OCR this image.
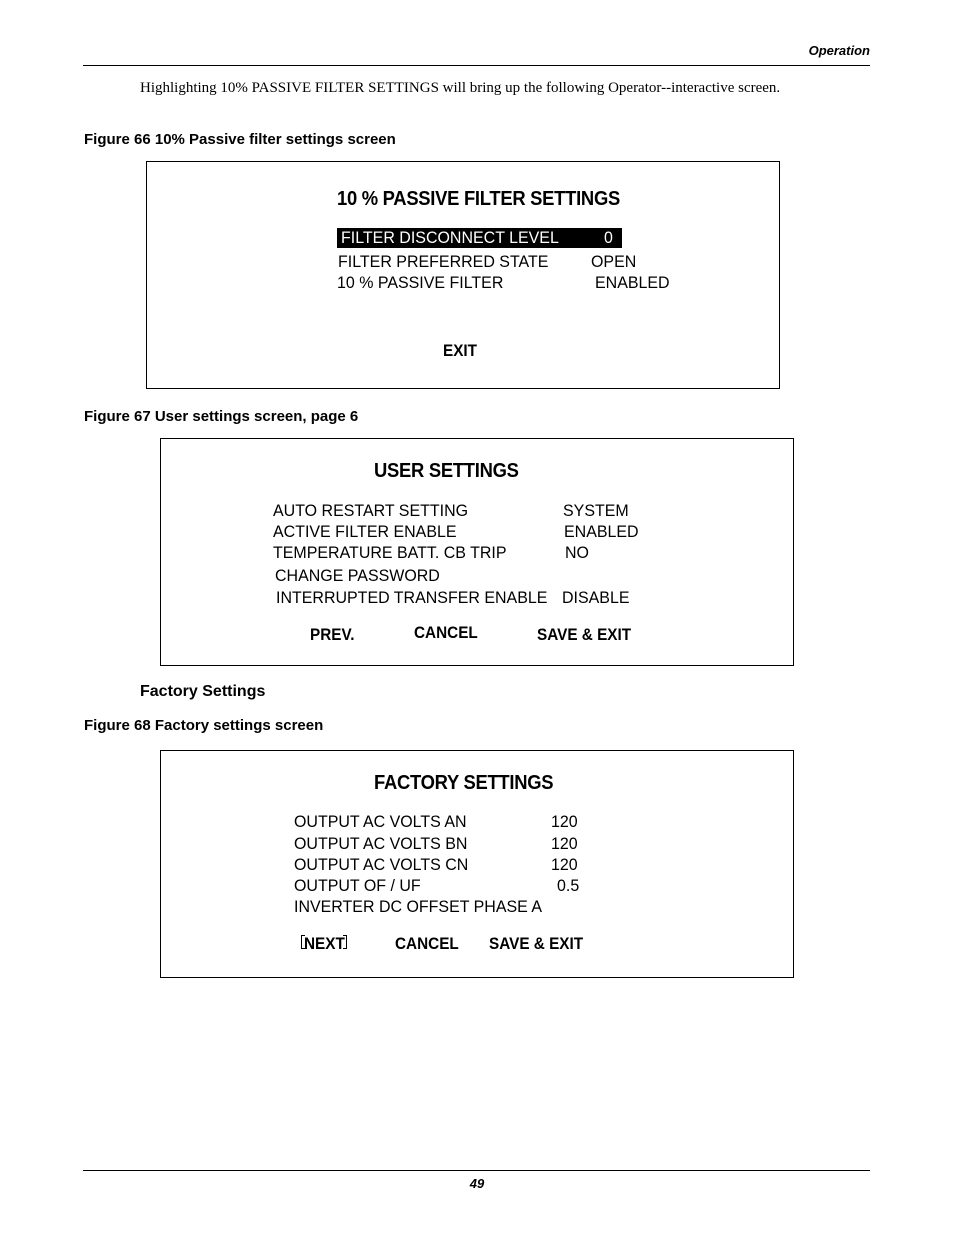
Operation
Highlighting 10% PASSIVE FILTER SETTINGS will bring up the following Operator--interactive screen.
Figure 66 10% Passive filter settings screen
10 % PASSIVE FILTER SETTINGS
FILTER DISCONNECT LEVEL	0
FILTER PREFERRED STATE	OPEN
10 % PASSIVE FILTER	ENABLED
EXIT
Figure 67 User settings screen, page 6
USER SETTINGS
AUTO RESTART SETTING	SYSTEM
ACTIVE FILTER ENABLE	ENABLED
TEMPERATURE BATT. CB TRIP	NO
CHANGE PASSWORD
INTERRUPTED TRANSFER ENABLE DISABLE
PREV.	CANCEL	SAVE & EXIT
Factory Settings
Figure 68 Factory settings screen
FACTORY SETTINGS
OUTPUT AC VOLTS AN	120
OUTPUT AC VOLTS BN	120
OUTPUT AC VOLTS CN	120
OUTPUT OF / UF	0.5
INVERTER DC OFFSET PHASE A
NEXT	CANCEL SAVE & EXIT
49
